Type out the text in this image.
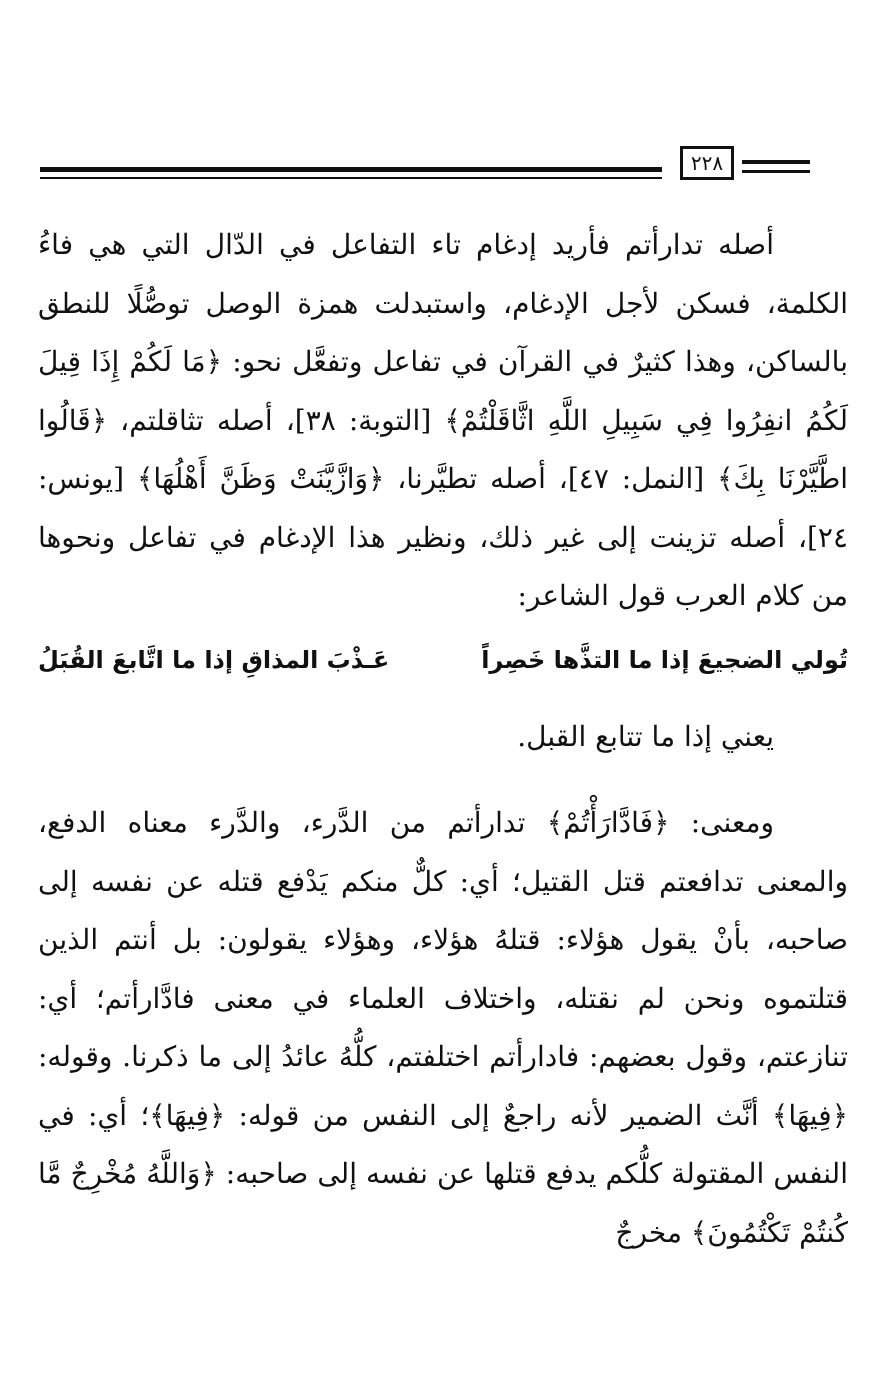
٢٢٨

أصله تدارأتم فأريد إدغام تاء التفاعل في الدّال التي هي فاءُ الكلمة، فسكن لأجل الإدغام، واستبدلت همزة الوصل توصُّلًا للنطق بالساكن، وهذا كثيرٌ في القرآن في تفاعل وتفعَّل نحو: ﴿مَا لَكُمْ إِذَا قِيلَ لَكُمُ انفِرُوا فِي سَبِيلِ اللَّهِ اثَّاقَلْتُمْ﴾ [التوبة: ٣٨]، أصله تثاقلتم، ﴿قَالُوا اطَّيَّرْنَا بِكَ﴾ [النمل: ٤٧]، أصله تطيَّرنا، ﴿وَازَّيَّنَتْ وَظَنَّ أَهْلُهَا﴾ [يونس: ٢٤]، أصله تزينت إلى غير ذلك، ونظير هذا الإدغام في تفاعل ونحوها من كلام العرب قول الشاعر:

تُولي الضجيعَ إذا ما التذَّها خَصِراً
عَـذْبَ المذاقِ إذا ما اتَّابعَ القُبَلُ

يعني إذا ما تتابع القبل.

ومعنى: ﴿فَادَّارَأْتُمْ﴾ تدارأتم من الدَّرء، والدَّرء معناه الدفع، والمعنى تدافعتم قتل القتيل؛ أي: كلٌّ منكم يَدْفع قتله عن نفسه إلى صاحبه، بأنْ يقول هؤلاء: قتلهُ هؤلاء، وهؤلاء يقولون: بل أنتم الذين قتلتموه ونحن لم نقتله، واختلاف العلماء في معنى فادَّارأتم؛ أي: تنازعتم، وقول بعضهم: فادارأتم اختلفتم، كلُّهُ عائدُ إلى ما ذكرنا. وقوله: ﴿فِيهَا﴾ أنَّث الضمير لأنه راجعٌ إلى النفس من قوله: ﴿فِيهَا﴾؛ أي: في النفس المقتولة كلُّكم يدفع قتلها عن نفسه إلى صاحبه: ﴿وَاللَّهُ مُخْرِجٌ مَّا كُنتُمْ تَكْتُمُونَ﴾ مخرجٌ
